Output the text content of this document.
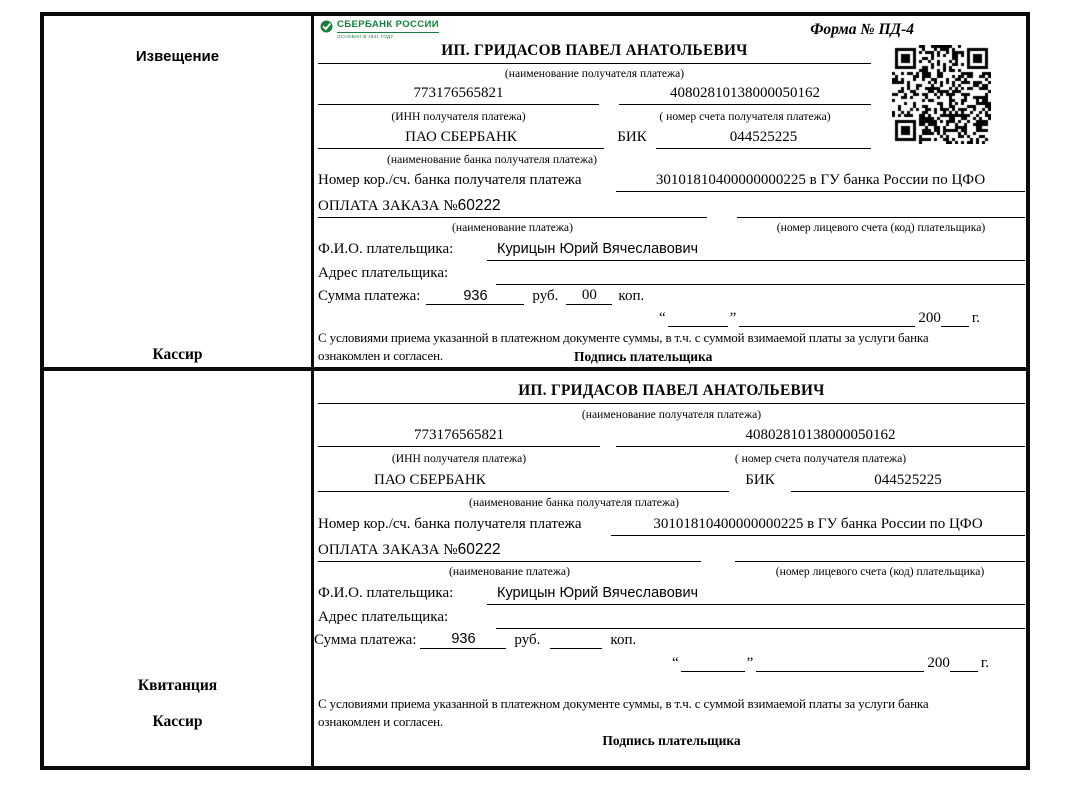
Извещение
Кассир
СБЕРБАНК РОССИИ
ОСНОВАН В 1841 ГОДУ	Форма № ПД-4
ИП. ГРИДАСОВ ПАВЕЛ АНАТОЛЬЕВИЧ
(наименование получателя платежа)
773176565821	40802810138000050162
(ИНН получателя платежа)	( номер счета получателя платежа)
ПАО СБЕРБАНК	БИК	044525225
(наименование банка получателя платежа)
Номер кор./сч. банка получателя платежа	30101810400000000225 в ГУ банка России по ЦФО
ОПЛАТА ЗАКАЗА №60222
(наименование платежа)	(номер лицевого счета (код) плательщика)
Ф.И.О. плательщика:	Курицын Юрий Вячеславович
Адрес плательщика:
Сумма платежа:	936	руб.	00	коп.
“	”	200 г.
С условиями приема указанной в платежном документе суммы, в т.ч. с суммой взимаемой платы за услуги банка
ознакомлен и согласен.	Подпись плательщика
Квитанция
Кассир
ИП. ГРИДАСОВ ПАВЕЛ АНАТОЛЬЕВИЧ
(наименование получателя платежа)
773176565821	40802810138000050162
(ИНН получателя платежа)	( номер счета получателя платежа)
ПАО СБЕРБАНК	БИК	044525225
(наименование банка получателя платежа)
Номер кор./сч. банка получателя платежа	30101810400000000225 в ГУ банка России по ЦФО
ОПЛАТА ЗАКАЗА №60222
(наименование платежа)	(номер лицевого счета (код) плательщика)
Ф.И.О. плательщика:	Курицын Юрий Вячеславович
Адрес плательщика:
Сумма платежа:	936	руб.	коп.
“	”	200 г.
С условиями приема указанной в платежном документе суммы, в т.ч. с суммой взимаемой платы за услуги банка
ознакомлен и согласен.
Подпись плательщика
